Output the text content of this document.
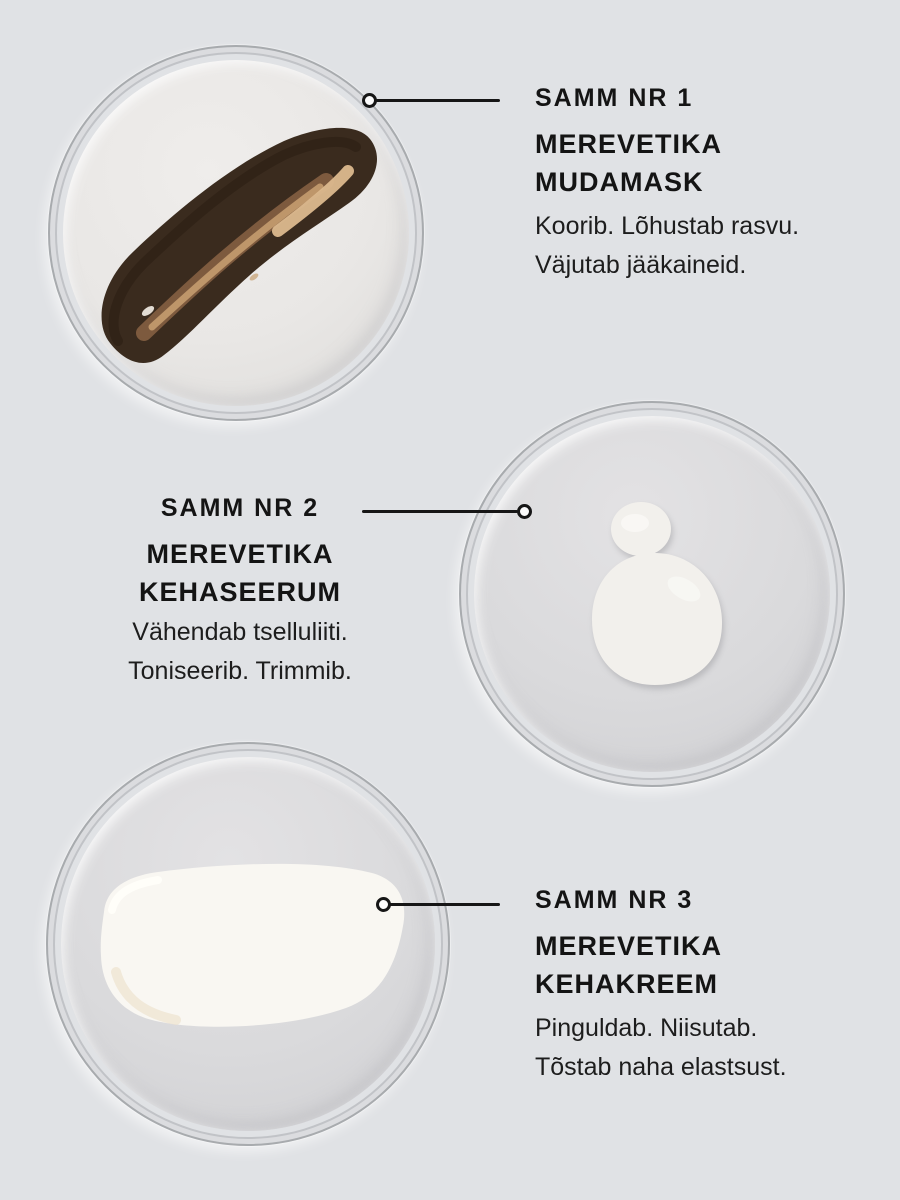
SAMM NR 1
MEREVETIKA
MUDAMASK
Koorib. Lõhustab rasvu.
Väjutab jääkaineid.
SAMM NR 2
MEREVETIKA
KEHASEERUM
Vähendab tselluliiti.
Toniseerib. Trimmib.
SAMM NR 3
MEREVETIKA
KEHAKREEM
Pinguldab. Niisutab.
Tõstab naha elastsust.
